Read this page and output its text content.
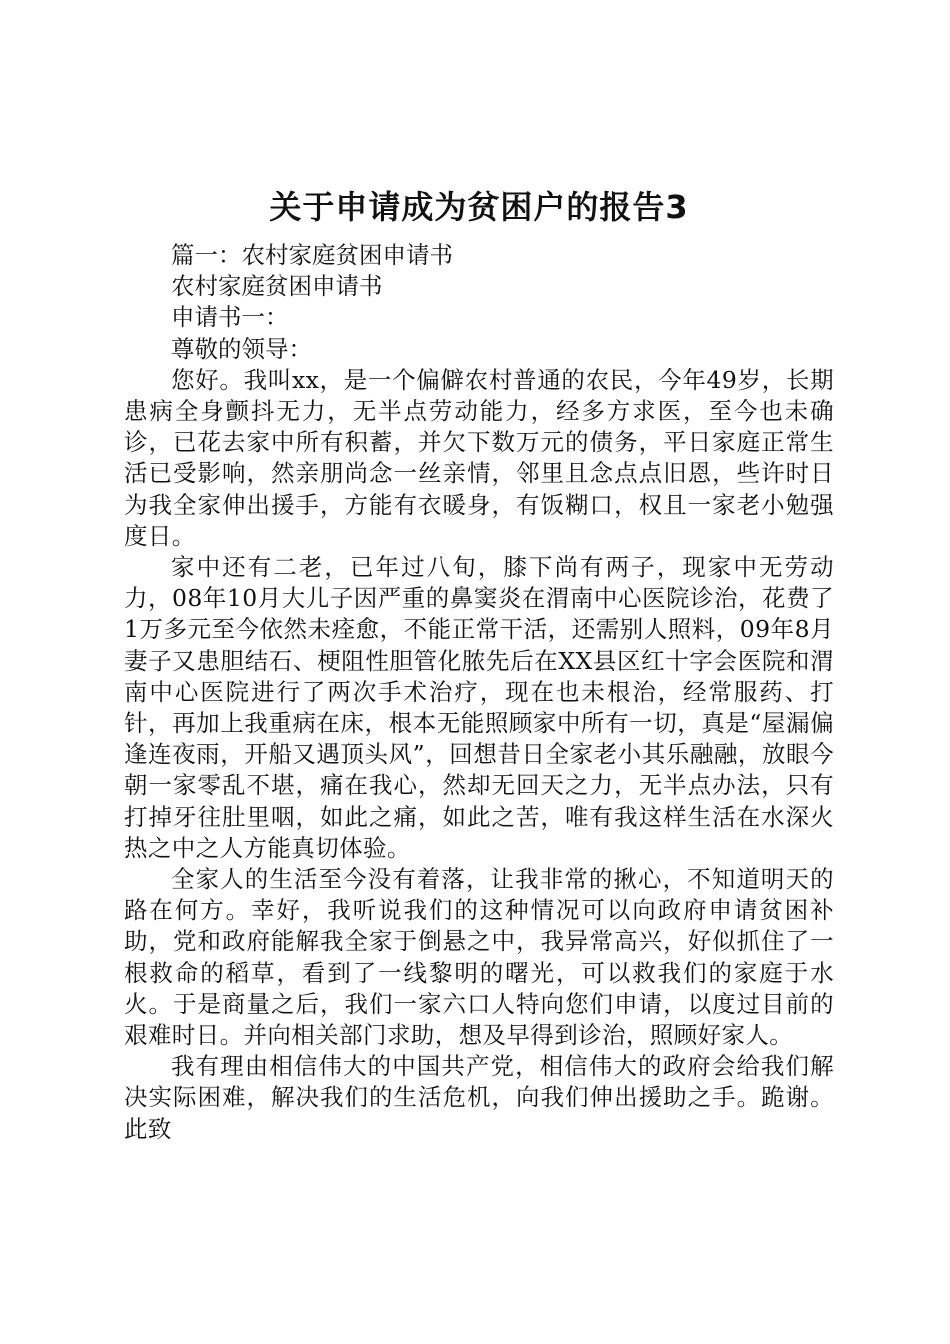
关于申请成为贫困户的报告3

篇一：农村家庭贫困申请书

农村家庭贫困申请书

申请书一：

尊敬的领导：

您好。我叫xx，是一个偏僻农村普通的农民，今年49岁，长期患病全身颤抖无力，无半点劳动能力，经多方求医，至今也未确诊，已花去家中所有积蓄，并欠下数万元的债务，平日家庭正常生活已受影响，然亲朋尚念一丝亲情，邻里且念点点旧恩，些许时日为我全家伸出援手，方能有衣暖身，有饭糊口，权且一家老小勉强度日。

家中还有二老，已年过八旬，膝下尚有两子，现家中无劳动力，08年10月大儿子因严重的鼻窦炎在渭南中心医院诊治，花费了1万多元至今依然未痊愈，不能正常干活，还需别人照料，09年8月妻子又患胆结石、梗阻性胆管化脓先后在XX县区红十字会医院和渭南中心医院进行了两次手术治疗，现在也未根治，经常服药、打针，再加上我重病在床，根本无能照顾家中所有一切，真是“屋漏偏逢连夜雨，开船又遇顶头风”，回想昔日全家老小其乐融融，放眼今朝一家零乱不堪，痛在我心，然却无回天之力，无半点办法，只有打掉牙往肚里咽，如此之痛，如此之苦，唯有我这样生活在水深火热之中之人方能真切体验。

全家人的生活至今没有着落，让我非常的揪心，不知道明天的路在何方。幸好，我听说我们的这种情况可以向政府申请贫困补助，党和政府能解我全家于倒悬之中，我异常高兴，好似抓住了一根救命的稻草，看到了一线黎明的曙光，可以救我们的家庭于水火。于是商量之后，我们一家六口人特向您们申请，以度过目前的艰难时日。并向相关部门求助，想及早得到诊治，照顾好家人。

我有理由相信伟大的中国共产党，相信伟大的政府会给我们解决实际困难，解决我们的生活危机，向我们伸出援助之手。跪谢。此致
